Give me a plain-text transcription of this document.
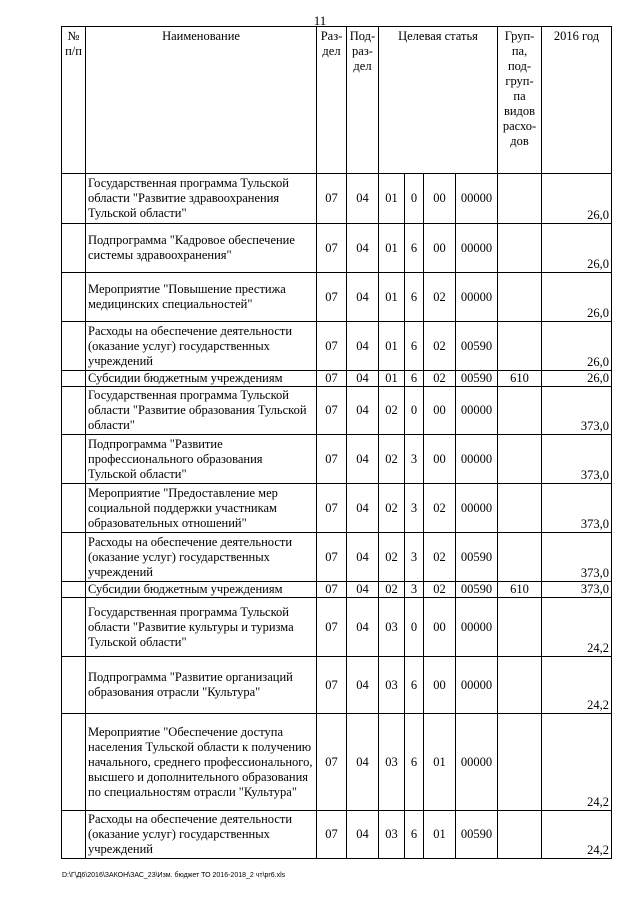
11
№ п/п	Наименование	Раз-дел	Под-раз-дел	Целевая статья				Груп-па, под-груп-па видов расхо-дов	2016 год
	Государственная программа Тульской области "Развитие здравоохранения Тульской области"	07	04	01	0	00	00000		26,0
	Подпрограмма "Кадровое обеспечение системы здравоохранения"	07	04	01	6	00	00000		26,0
	Мероприятие "Повышение престижа медицинских специальностей"	07	04	01	6	02	00000		26,0
	Расходы на обеспечение деятельности (оказание услуг) государственных учреждений	07	04	01	6	02	00590		26,0
	Субсидии бюджетным учреждениям	07	04	01	6	02	00590	610	26,0
	Государственная программа Тульской области "Развитие образования Тульской области"	07	04	02	0	00	00000		373,0
	Подпрограмма "Развитие профессионального образования Тульской области"	07	04	02	3	00	00000		373,0
	Мероприятие "Предоставление мер социальной поддержки участникам образовательных отношений"	07	04	02	3	02	00000		373,0
	Расходы на обеспечение деятельности (оказание услуг) государственных учреждений	07	04	02	3	02	00590		373,0
	Субсидии бюджетным учреждениям	07	04	02	3	02	00590	610	373,0
	Государственная программа Тульской области "Развитие культуры и туризма Тульской области"	07	04	03	0	00	00000		24,2
	Подпрограмма "Развитие организаций образования отрасли "Культура"	07	04	03	6	00	00000		24,2
	Мероприятие "Обеспечение доступа населения Тульской области к получению начального, среднего профессионального, высшего и дополнительного образования по специальностям отрасли "Культура"	07	04	03	6	01	00000		24,2
	Расходы на обеспечение деятельности (оказание услуг) государственных учреждений	07	04	03	6	01	00590		24,2
D:\Г\Д6\2016\ЗАКОН\ЗАС_23\Изм. бюджет ТО 2016-2018_2 чт\pr6.xls
